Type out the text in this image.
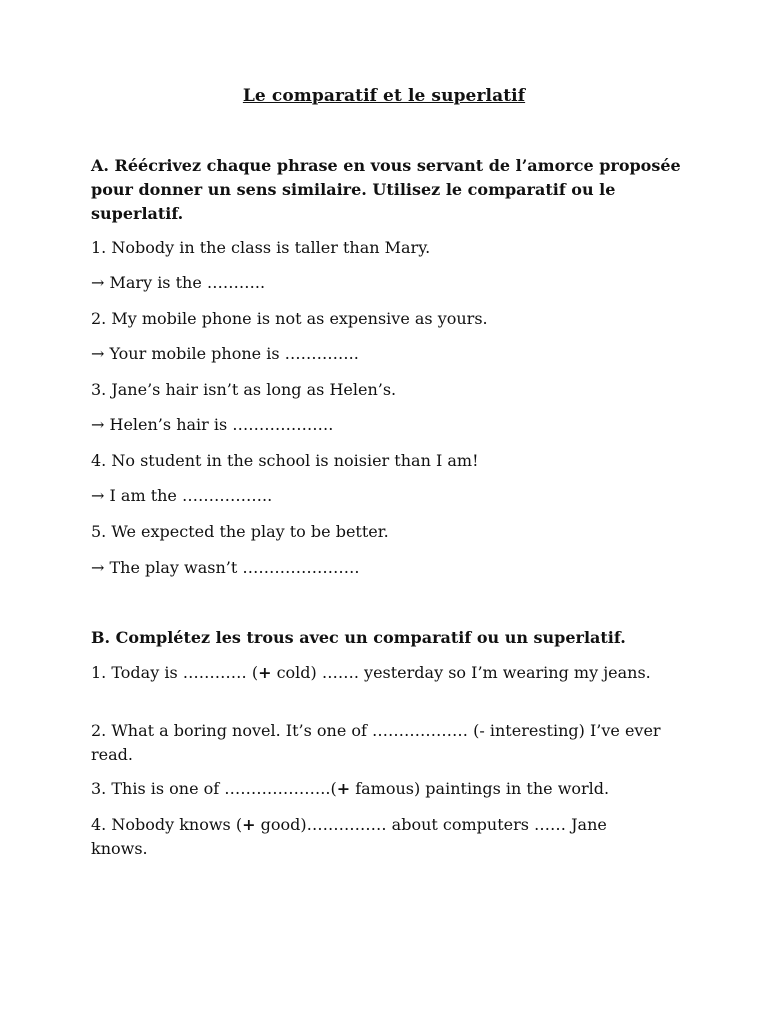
Le comparatif et le superlatif
A. Réécrivez chaque phrase en vous servant de l’amorce proposée pour donner un sens similaire. Utilisez le comparatif ou le superlatif.
1. Nobody in the class is taller than Mary.
→ Mary is the ………..
2. My mobile phone is not as expensive as yours.
→ Your mobile phone is …………..
3. Jane’s hair isn’t as long as Helen’s.
→ Helen’s hair is ……………….
4. No student in the school is noisier than I am!
→ I am the ……………..
5. We expected the play to be better.
→ The play wasn’t ………………….
B. Complétez les trous avec un comparatif ou un superlatif.
1. Today is ………… (+ cold) ……. yesterday so I’m wearing my jeans.
2. What a boring novel. It’s one of ……………… (- interesting) I’ve ever read.
3. This is one of ………………..(+ famous) paintings in the world.
4. Nobody knows (+ good)…………… about computers …… Jane knows.
